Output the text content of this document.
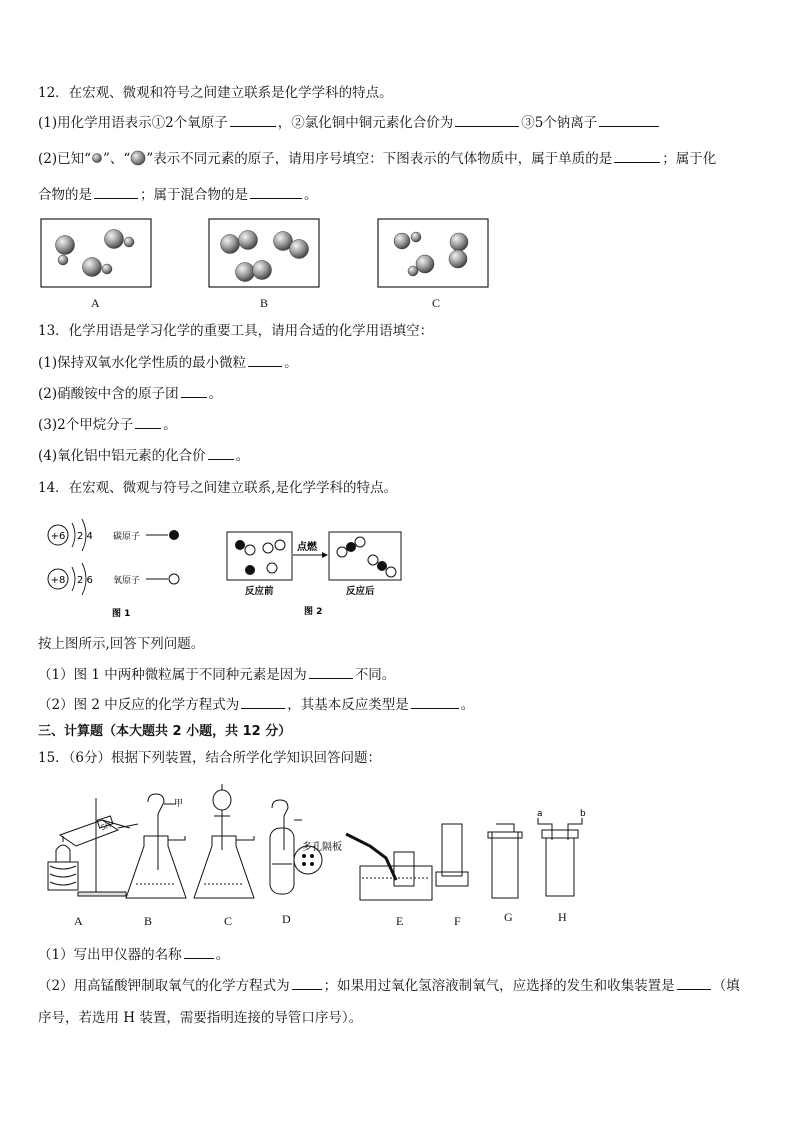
12．在宏观、微观和符号之间建立联系是化学学科的特点。
(1)用化学用语表示①2个氧原子	，②氯化铜中铜元素化合价为	③5个钠离子
(2)已知“ ”、“ ”表示不同元素的原子，请用序号填空：下图表示的气体物质中，属于单质的是	；属于化
合物的是	；属于混合物的是	。
A	B	C
13．化学用语是学习化学的重要工具，请用合适的化学用语填空：
(1)保持双氧水化学性质的最小微粒	。
(2)硝酸铵中含的原子团 。
(3)2个甲烷分子 。
(4)氧化铝中铝元素的化合价 。
14．在宏观、微观与符号之间建立联系,是化学学科的特点。
+6 2 4 碳原子
+8 2 6 氧原子
图 1
点燃
反应前	反应后
图 2
按上图所示,回答下列问题。
（1）图 1 中两种微粒属于不同种元素是因为	不同。
（2）图 2 中反应的化学方程式为	，其基本反应类型是	。
三、计算题（本大题共 2 小题，共 12 分）
15．（6分）根据下列装置，结合所学化学知识回答问题：
SH
甲
多孔隔板
a	b
A	B	C	D	E	F	G	H
（1）写出甲仪器的名称	。
（2）用高锰酸钾制取氧气的化学方程式为	；如果用过氧化氢溶液制氧气，应选择的发生和收集装置是	（填
序号，若选用 H 装置，需要指明连接的导管口序号）。
